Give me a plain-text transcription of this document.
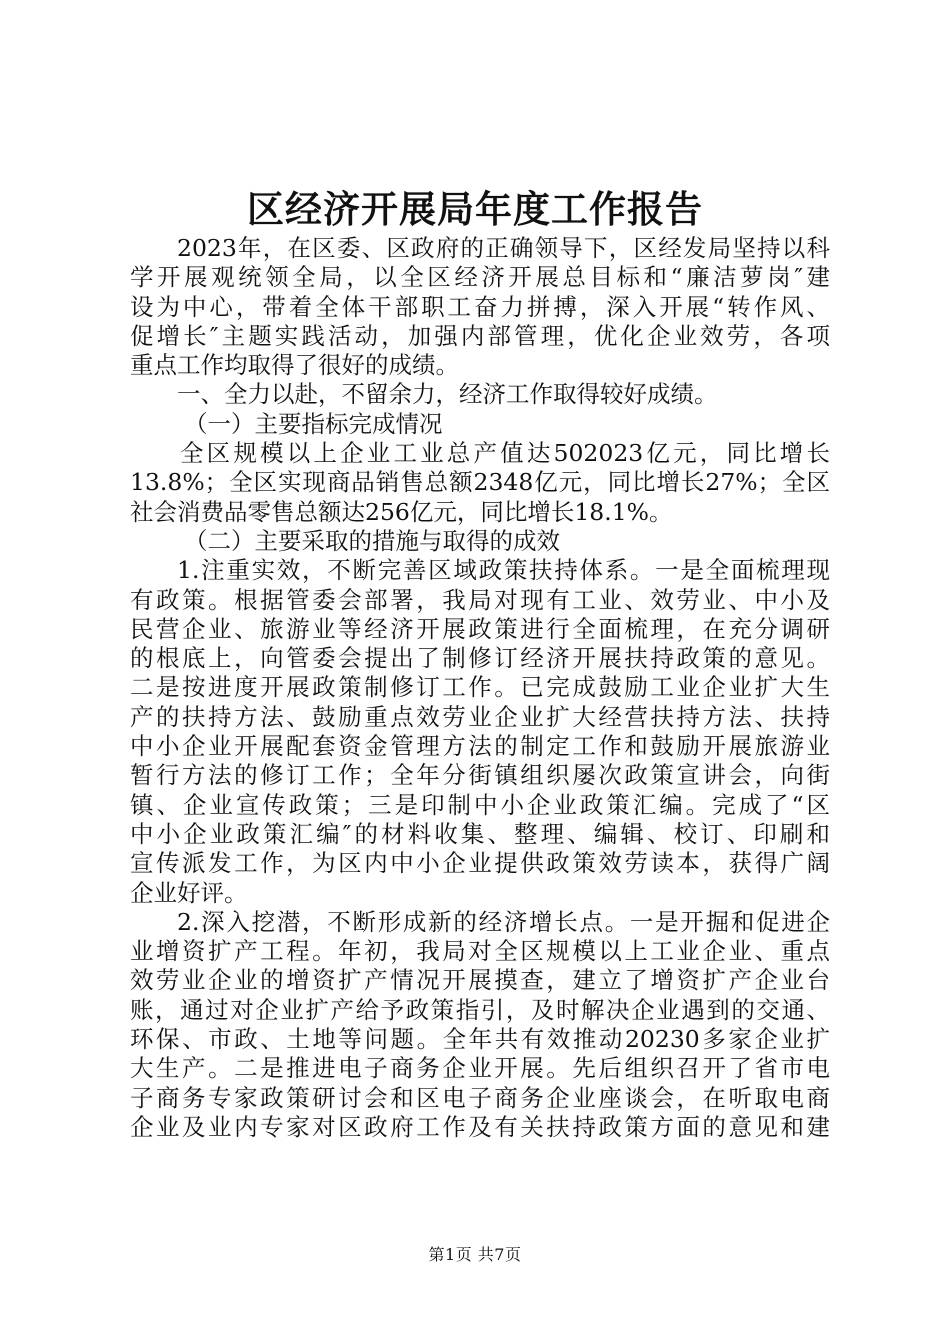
区经济开展局年度工作报告
2023年，在区委、区政府的正确领导下，区经发局坚持以科
学开展观统领全局，以全区经济开展总目标和“廉洁萝岗″建
设为中心，带着全体干部职工奋力拼搏，深入开展“转作风、
促增长″主题实践活动，加强内部管理，优化企业效劳，各项
重点工作均取得了很好的成绩。
一、全力以赴，不留余力，经济工作取得较好成绩。
（一）主要指标完成情况
全区规模以上企业工业总产值达502023亿元，同比增长
13.8%；全区实现商品销售总额2348亿元，同比增长27%；全区
社会消费品零售总额达256亿元，同比增长18.1%。
（二）主要采取的措施与取得的成效
1.注重实效，不断完善区域政策扶持体系。一是全面梳理现
有政策。根据管委会部署，我局对现有工业、效劳业、中小及
民营企业、旅游业等经济开展政策进行全面梳理，在充分调研
的根底上，向管委会提出了制修订经济开展扶持政策的意见。
二是按进度开展政策制修订工作。已完成鼓励工业企业扩大生
产的扶持方法、鼓励重点效劳业企业扩大经营扶持方法、扶持
中小企业开展配套资金管理方法的制定工作和鼓励开展旅游业
暂行方法的修订工作；全年分街镇组织屡次政策宣讲会，向街
镇、企业宣传政策；三是印制中小企业政策汇编。完成了“区
中小企业政策汇编″的材料收集、整理、编辑、校订、印刷和
宣传派发工作，为区内中小企业提供政策效劳读本，获得广阔
企业好评。
2.深入挖潜，不断形成新的经济增长点。一是开掘和促进企
业增资扩产工程。年初，我局对全区规模以上工业企业、重点
效劳业企业的增资扩产情况开展摸查，建立了增资扩产企业台
账，通过对企业扩产给予政策指引，及时解决企业遇到的交通、
环保、市政、土地等问题。全年共有效推动20230多家企业扩
大生产。二是推进电子商务企业开展。先后组织召开了省市电
子商务专家政策研讨会和区电子商务企业座谈会，在听取电商
企业及业内专家对区政府工作及有关扶持政策方面的意见和建
第1页 共7页
